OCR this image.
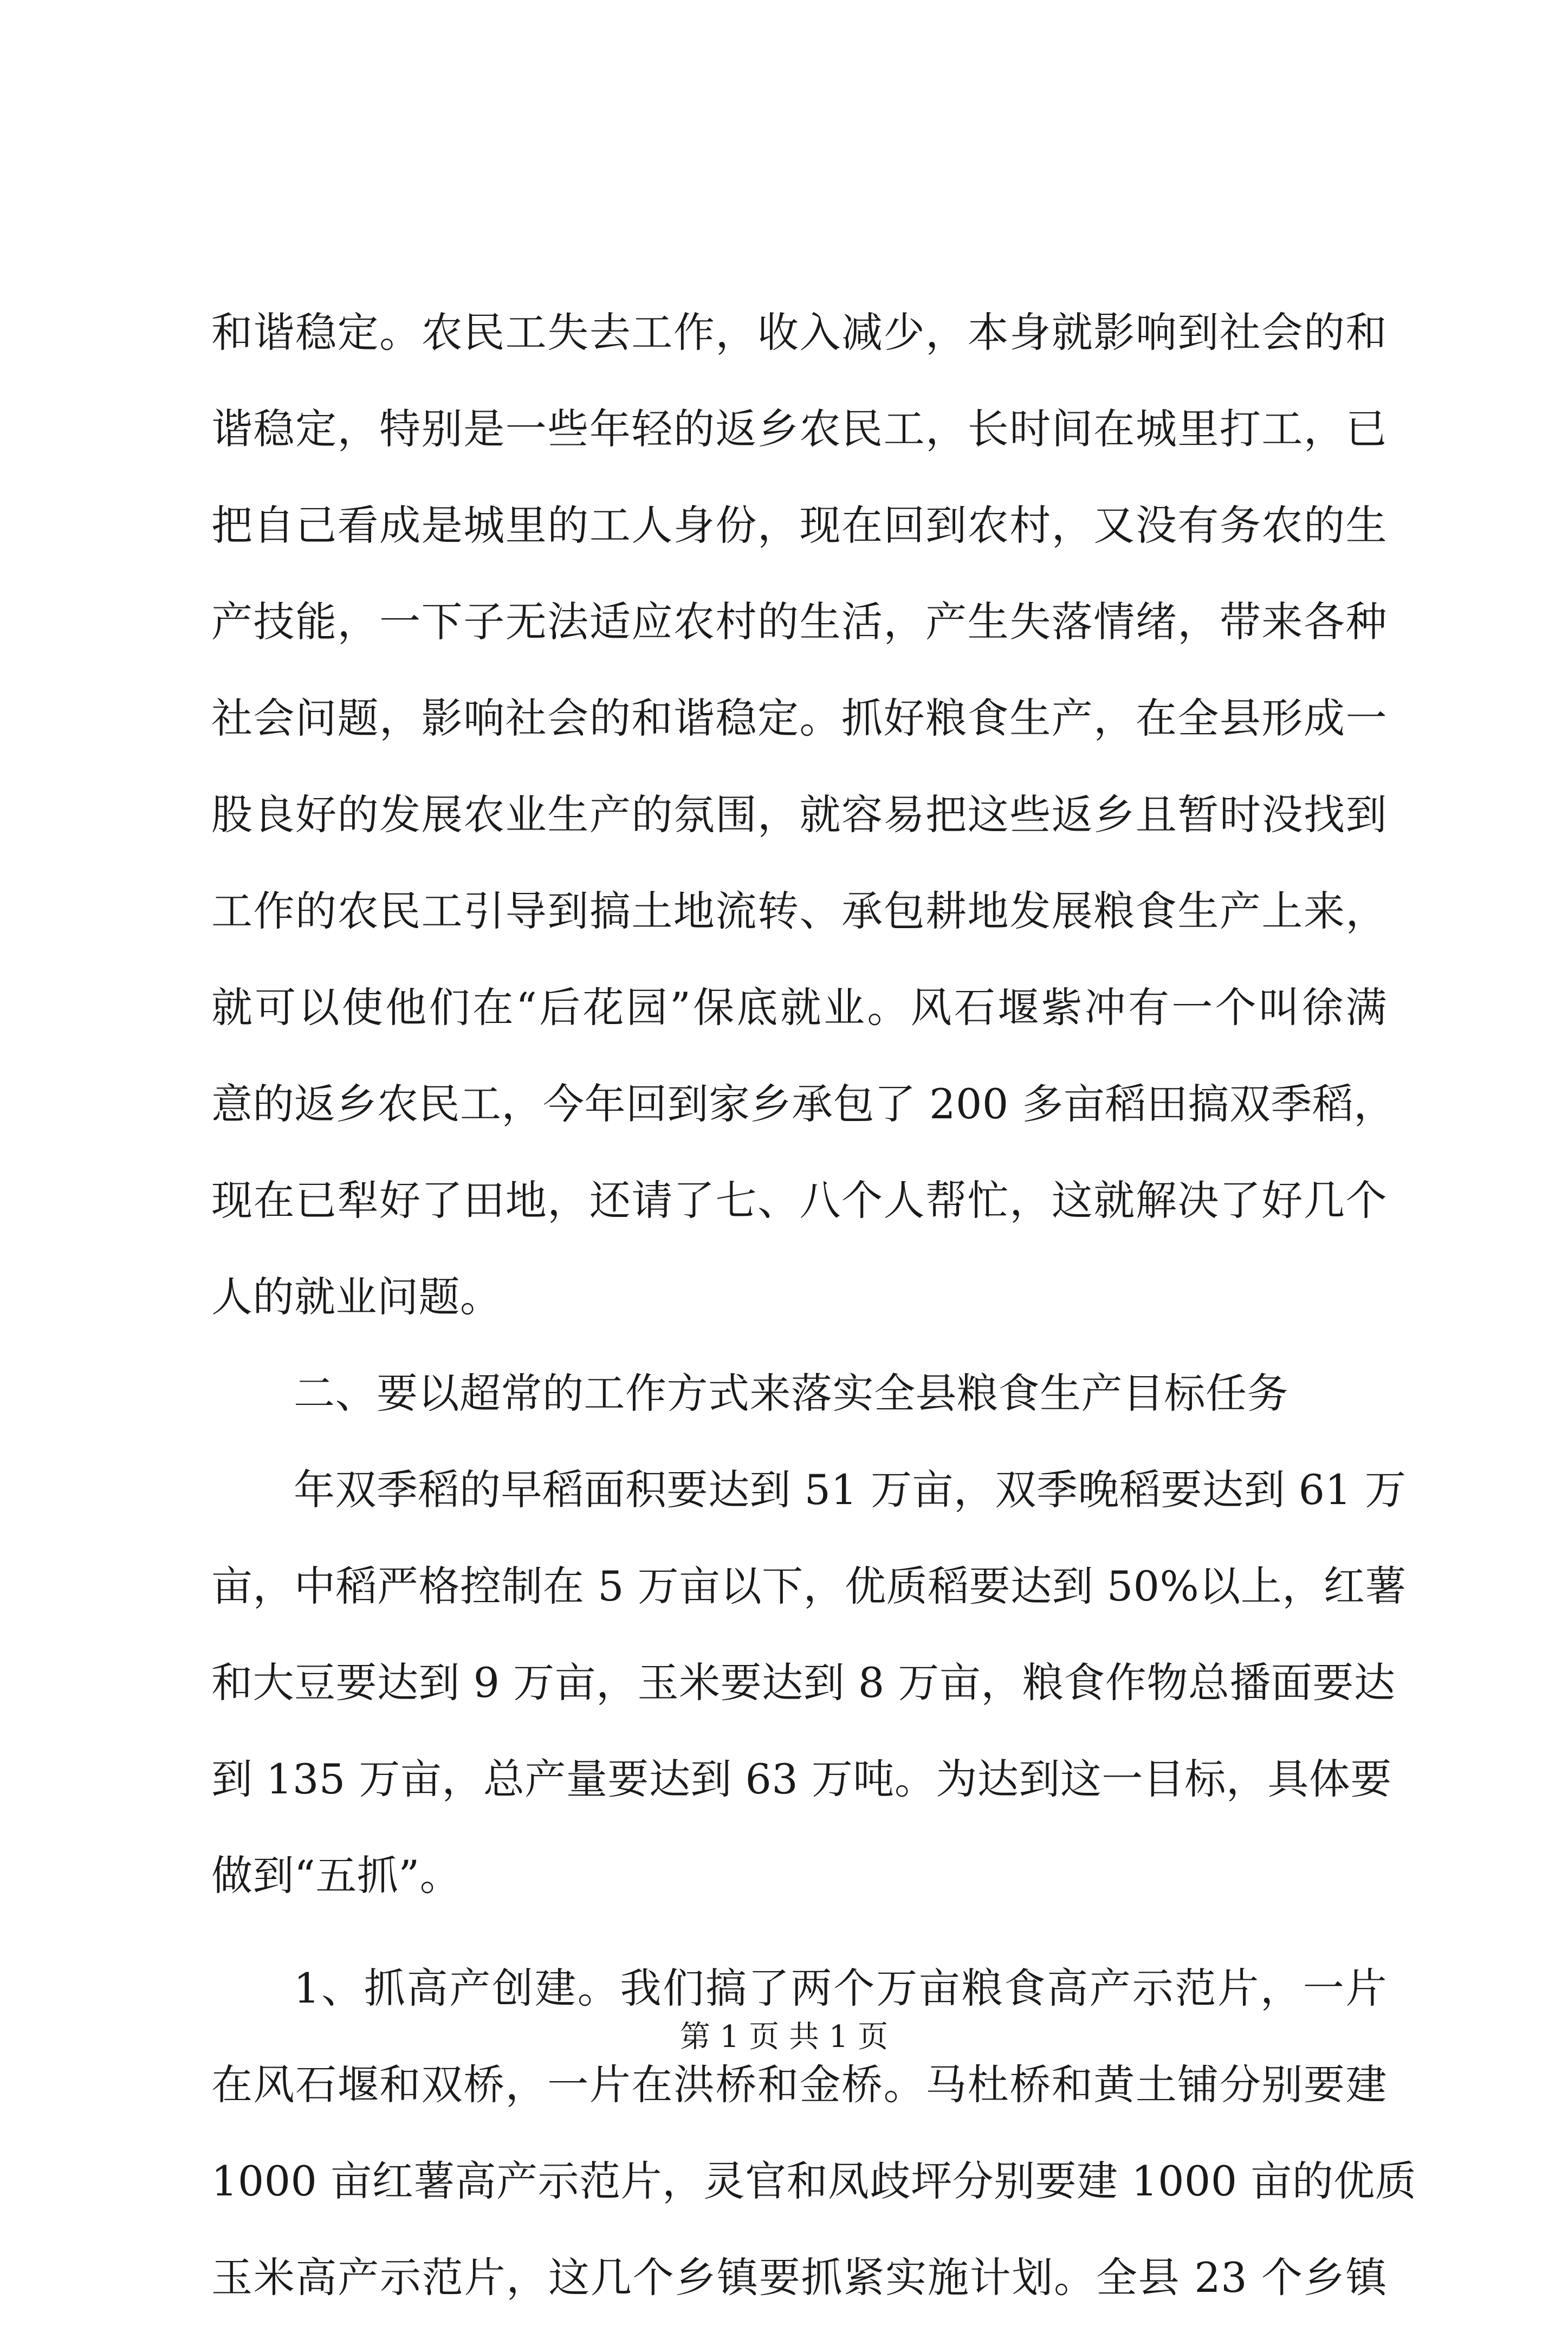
和谐稳定。农民工失去工作，收入减少，本身就影响到社会的和
谐稳定，特别是一些年轻的返乡农民工，长时间在城里打工，已
把自己看成是城里的工人身份，现在回到农村，又没有务农的生
产技能，一下子无法适应农村的生活，产生失落情绪，带来各种
社会问题，影响社会的和谐稳定。抓好粮食生产，在全县形成一
股良好的发展农业生产的氛围，就容易把这些返乡且暂时没找到
工作的农民工引导到搞土地流转、承包耕地发展粮食生产上来，
就可以使他们在“后花园”保底就业。风石堰紫冲有一个叫徐满
意的返乡农民工，今年回到家乡承包了 200 多亩稻田搞双季稻，
现在已犁好了田地，还请了七、八个人帮忙，这就解决了好几个
人的就业问题。
二、要以超常的工作方式来落实全县粮食生产目标任务
年双季稻的早稻面积要达到 51 万亩，双季晚稻要达到 61 万
亩，中稻严格控制在 5 万亩以下，优质稻要达到 50%以上，红薯
和大豆要达到 9 万亩，玉米要达到 8 万亩，粮食作物总播面要达
到 135 万亩，总产量要达到 63 万吨。为达到这一目标，具体要
做到“五抓”。
1、抓高产创建。我们搞了两个万亩粮食高产示范片，一片
在风石堰和双桥，一片在洪桥和金桥。马杜桥和黄土铺分别要建
1000 亩红薯高产示范片，灵官和凤歧坪分别要建 1000 亩的优质
玉米高产示范片，这几个乡镇要抓紧实施计划。全县 23 个乡镇
第 1 页 共 1 页
